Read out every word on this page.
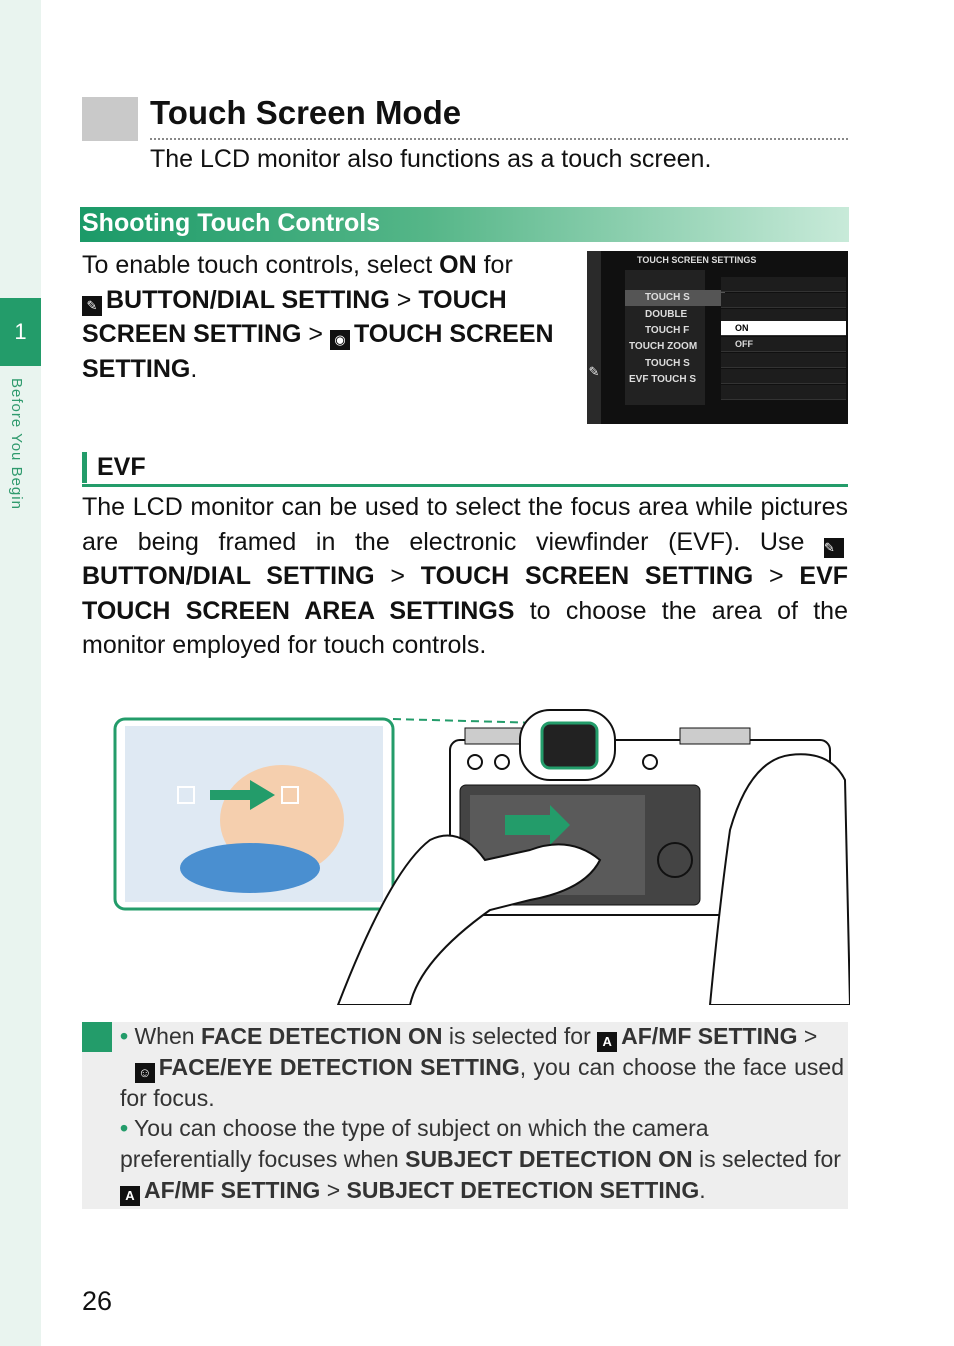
1
Before You Begin
Touch Screen Mode
The LCD monitor also functions as a touch screen.
Shooting Touch Controls
To enable touch controls, select ON for
✎ BUTTON/DIAL SETTING > TOUCH SCREEN SETTING > ◉ TOUCH SCREEN SETTING.	✎
TOUCH SCREEN SETTINGS
TOUCH S
DOUBLE
TOUCH F
TOUCH ZOOM
TOUCH S
EVF TOUCH S
ON
OFF
EVF
The LCD monitor can be used to select the focus area while pictures are being framed in the electronic viewfinder (EVF). Use ✎BUTTON/DIAL SETTING > TOUCH SCREEN SETTING > EVF TOUCH SCREEN AREA SETTINGS to choose the area of the monitor employed for touch controls.
• When FACE DETECTION ON is selected for A AF/MF SETTING >
☺ FACE/EYE DETECTION SETTING, you can choose the face used for focus.
• You can choose the type of subject on which the camera preferentially focuses when SUBJECT DETECTION ON is selected for A AF/MF SETTING > SUBJECT DETECTION SETTING.
26
